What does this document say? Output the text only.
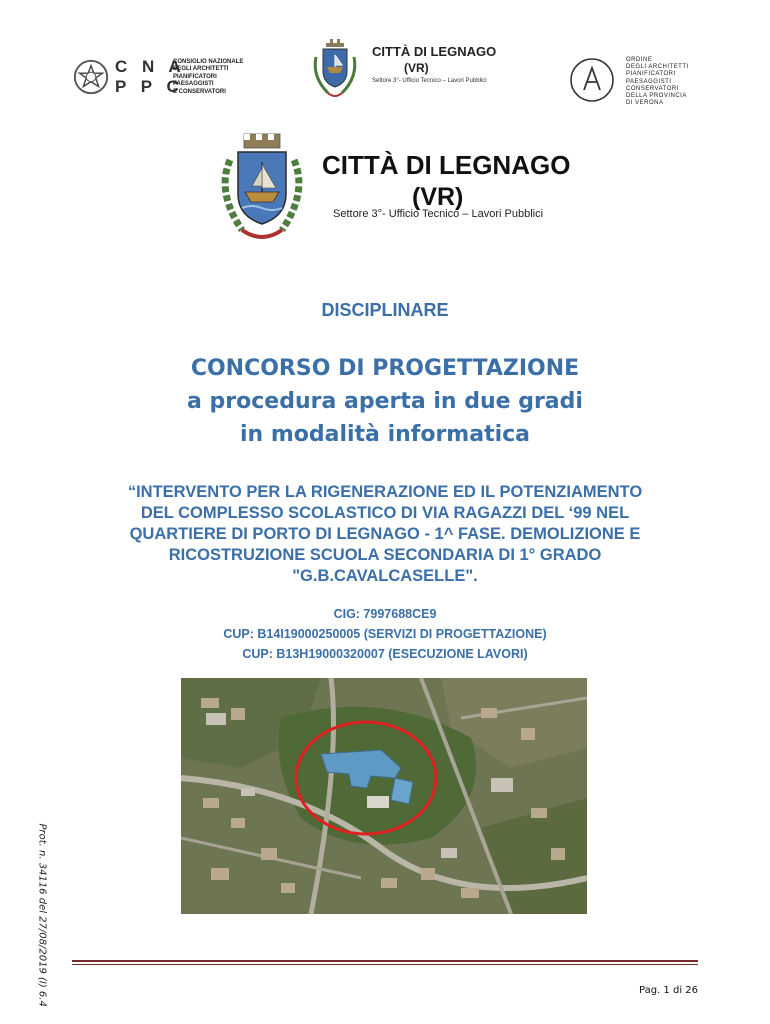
C N A
P P C
CONSIGLIO NAZIONALE
DEGLI ARCHITETTI
PIANIFICATORI
PAESAGGISTI
E CONSERVATORI
CITTÀ DI LEGNAGO
(VR)
Settore 3°- Ufficio Tecnico – Lavori Pubblici
ORDINE
DEGLI ARCHITETTI
PIANIFICATORI
PAESAGGISTI
CONSERVATORI
DELLA PROVINCIA
DI VERONA
CITTÀ DI LEGNAGO
(VR)
Settore 3°- Ufficio Tecnico – Lavori Pubblici
DISCIPLINARE
CONCORSO DI PROGETTAZIONE
a procedura aperta in due gradi
in modalità informatica
“INTERVENTO PER LA RIGENERAZIONE ED IL POTENZIAMENTO
DEL COMPLESSO SCOLASTICO DI VIA RAGAZZI DEL ‘99 NEL
QUARTIERE DI PORTO DI LEGNAGO - 1^ FASE. DEMOLIZIONE E
RICOSTRUZIONE SCUOLA SECONDARIA DI 1° GRADO
"G.B.CAVALCASELLE".
CIG: 7997688CE9
CUP: B14I19000250005 (SERVIZI DI PROGETTAZIONE)
CUP: B13H19000320007 (ESECUZIONE LAVORI)
Pag. 1 di 26
Prot. n. 34116 del 27/08/2019 (I) 6.4
